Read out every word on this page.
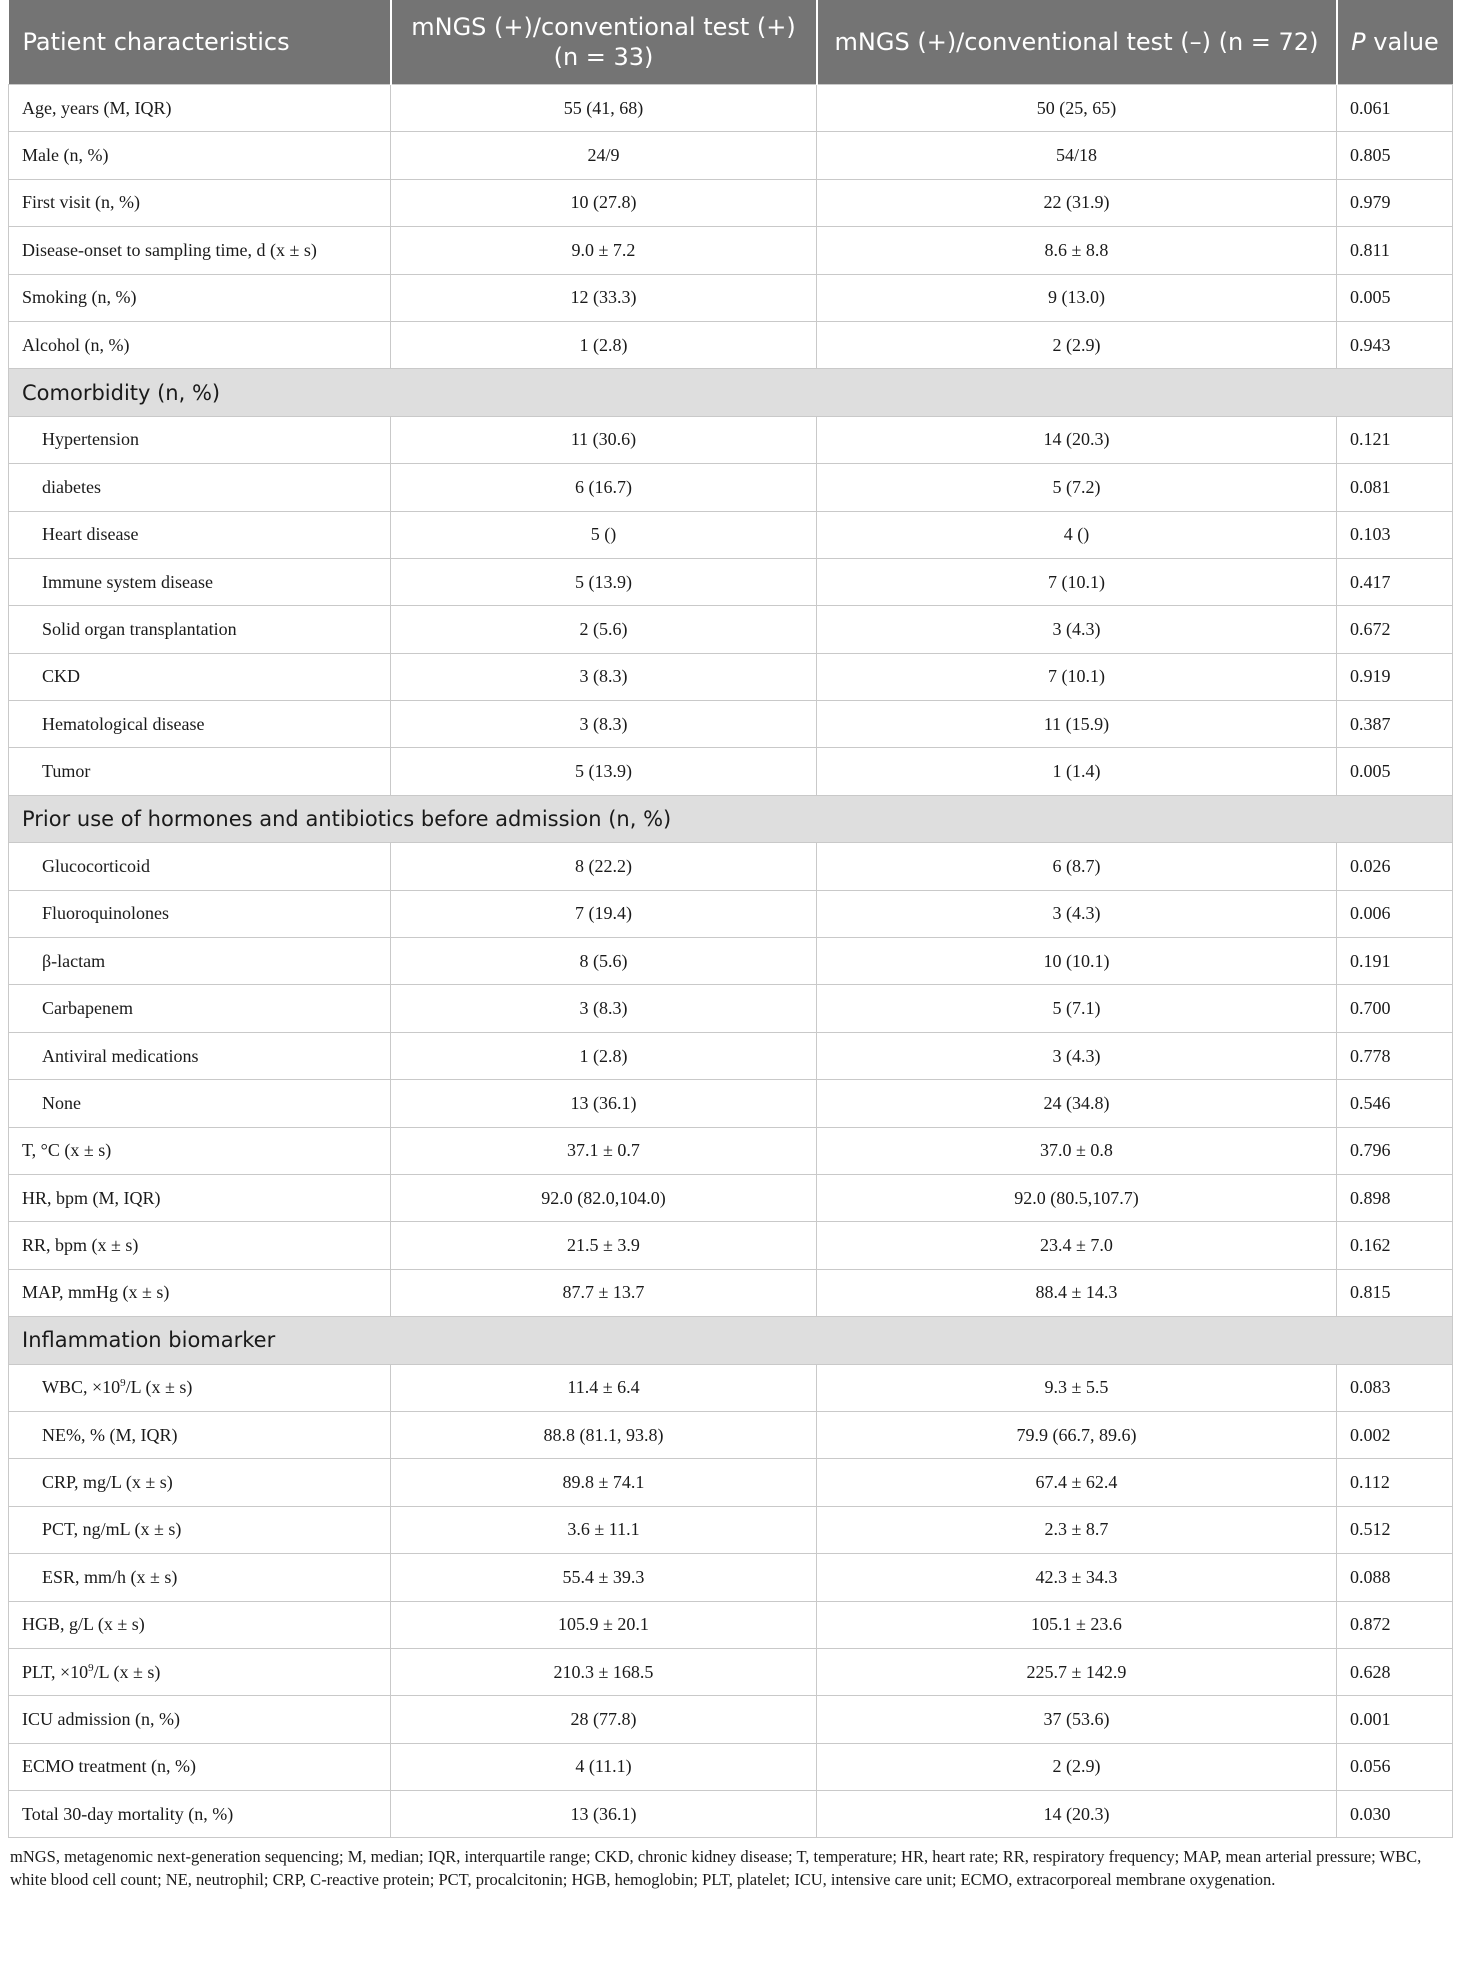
Patient characteristics	mNGS (+)/conventional test (+) (n = 33)	mNGS (+)/conventional test (–) (n = 72)	P value
Age, years (M, IQR)	55 (41, 68)	50 (25, 65)	0.061
Male (n, %)	24/9	54/18	0.805
First visit (n, %)	10 (27.8)	22 (31.9)	0.979
Disease-onset to sampling time, d (x ± s)	9.0 ± 7.2	8.6 ± 8.8	0.811
Smoking (n, %)	12 (33.3)	9 (13.0)	0.005
Alcohol (n, %)	1 (2.8)	2 (2.9)	0.943
Comorbidity (n, %)			
Hypertension	11 (30.6)	14 (20.3)	0.121
diabetes	6 (16.7)	5 (7.2)	0.081
Heart disease	5 ()	4 ()	0.103
Immune system disease	5 (13.9)	7 (10.1)	0.417
Solid organ transplantation	2 (5.6)	3 (4.3)	0.672
CKD	3 (8.3)	7 (10.1)	0.919
Hematological disease	3 (8.3)	11 (15.9)	0.387
Tumor	5 (13.9)	1 (1.4)	0.005
Prior use of hormones and antibiotics before admission (n, %)			
Glucocorticoid	8 (22.2)	6 (8.7)	0.026
Fluoroquinolones	7 (19.4)	3 (4.3)	0.006
β-lactam	8 (5.6)	10 (10.1)	0.191
Carbapenem	3 (8.3)	5 (7.1)	0.700
Antiviral medications	1 (2.8)	3 (4.3)	0.778
None	13 (36.1)	24 (34.8)	0.546
T, °C (x ± s)	37.1 ± 0.7	37.0 ± 0.8	0.796
HR, bpm (M, IQR)	92.0 (82.0,104.0)	92.0 (80.5,107.7)	0.898
RR, bpm (x ± s)	21.5 ± 3.9	23.4 ± 7.0	0.162
MAP, mmHg (x ± s)	87.7 ± 13.7	88.4 ± 14.3	0.815
Inflammation biomarker			
WBC, $\times 10^9/L$ (x ± s)	11.4 ± 6.4	9.3 ± 5.5	0.083
NE%, % (M, IQR)	88.8 (81.1, 93.8)	79.9 (66.7, 89.6)	0.002
CRP, mg/L (x ± s)	89.8 ± 74.1	67.4 ± 62.4	0.112
PCT, ng/mL (x ± s)	3.6 ± 11.1	2.3 ± 8.7	0.512
ESR, mm/h (x ± s)	55.4 ± 39.3	42.3 ± 34.3	0.088
HGB, g/L (x ± s)	105.9 ± 20.1	105.1 ± 23.6	0.872
PLT, $\times 10^9/L$ (x ± s)	210.3 ± 168.5	225.7 ± 142.9	0.628
ICU admission (n, %)	28 (77.8)	37 (53.6)	0.001
ECMO treatment (n, %)	4 (11.1)	2 (2.9)	0.056
Total 30-day mortality (n, %)	13 (36.1)	14 (20.3)	0.030
mNGS, metagenomic next-generation sequencing; M, median; IQR, interquartile range; CKD, chronic kidney disease; T, temperature; HR, heart rate; RR, respiratory frequency; MAP, mean arterial pressure; WBC, white blood cell count; NE, neutrophil; CRP, C-reactive protein; PCT, procalcitonin; HGB, hemoglobin; PLT, platelet; ICU, intensive care unit; ECMO, extracorporeal membrane oxygenation.
